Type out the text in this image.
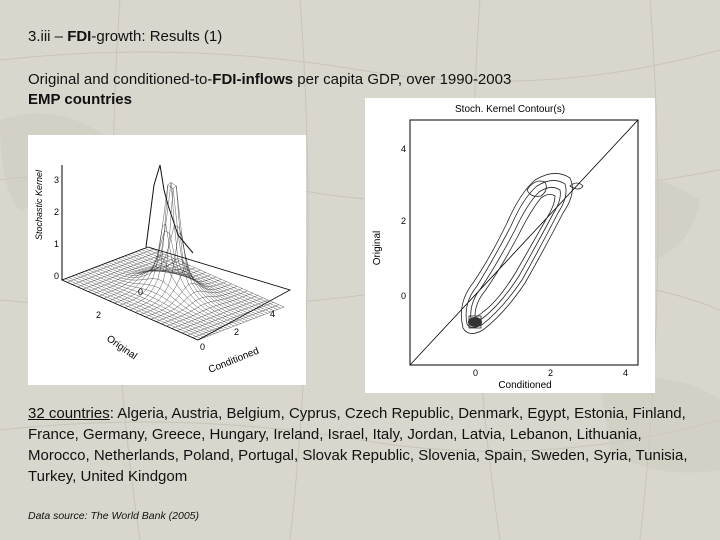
3.iii – FDI-growth: Results (1)
Original and conditioned-to-FDI-inflows per capita GDP, over 1990-2003
EMP countries
Stochastic Kernel 3
2
1
0
2
0
Original	0
2
4
Conditioned
Stoch. Kernel Contour(s)
4
2
0
Original
0	2	4
Conditioned
32 countries: Algeria, Austria, Belgium, Cyprus, Czech Republic, Denmark, Egypt, Estonia, Finland, France, Germany, Greece, Hungary, Ireland, Israel, Italy, Jordan, Latvia, Lebanon, Lithuania, Morocco, Netherlands, Poland, Portugal, Slovak Republic, Slovenia, Spain, Sweden, Syria, Tunisia, Turkey, United Kindgom
Data source: The World Bank (2005)
